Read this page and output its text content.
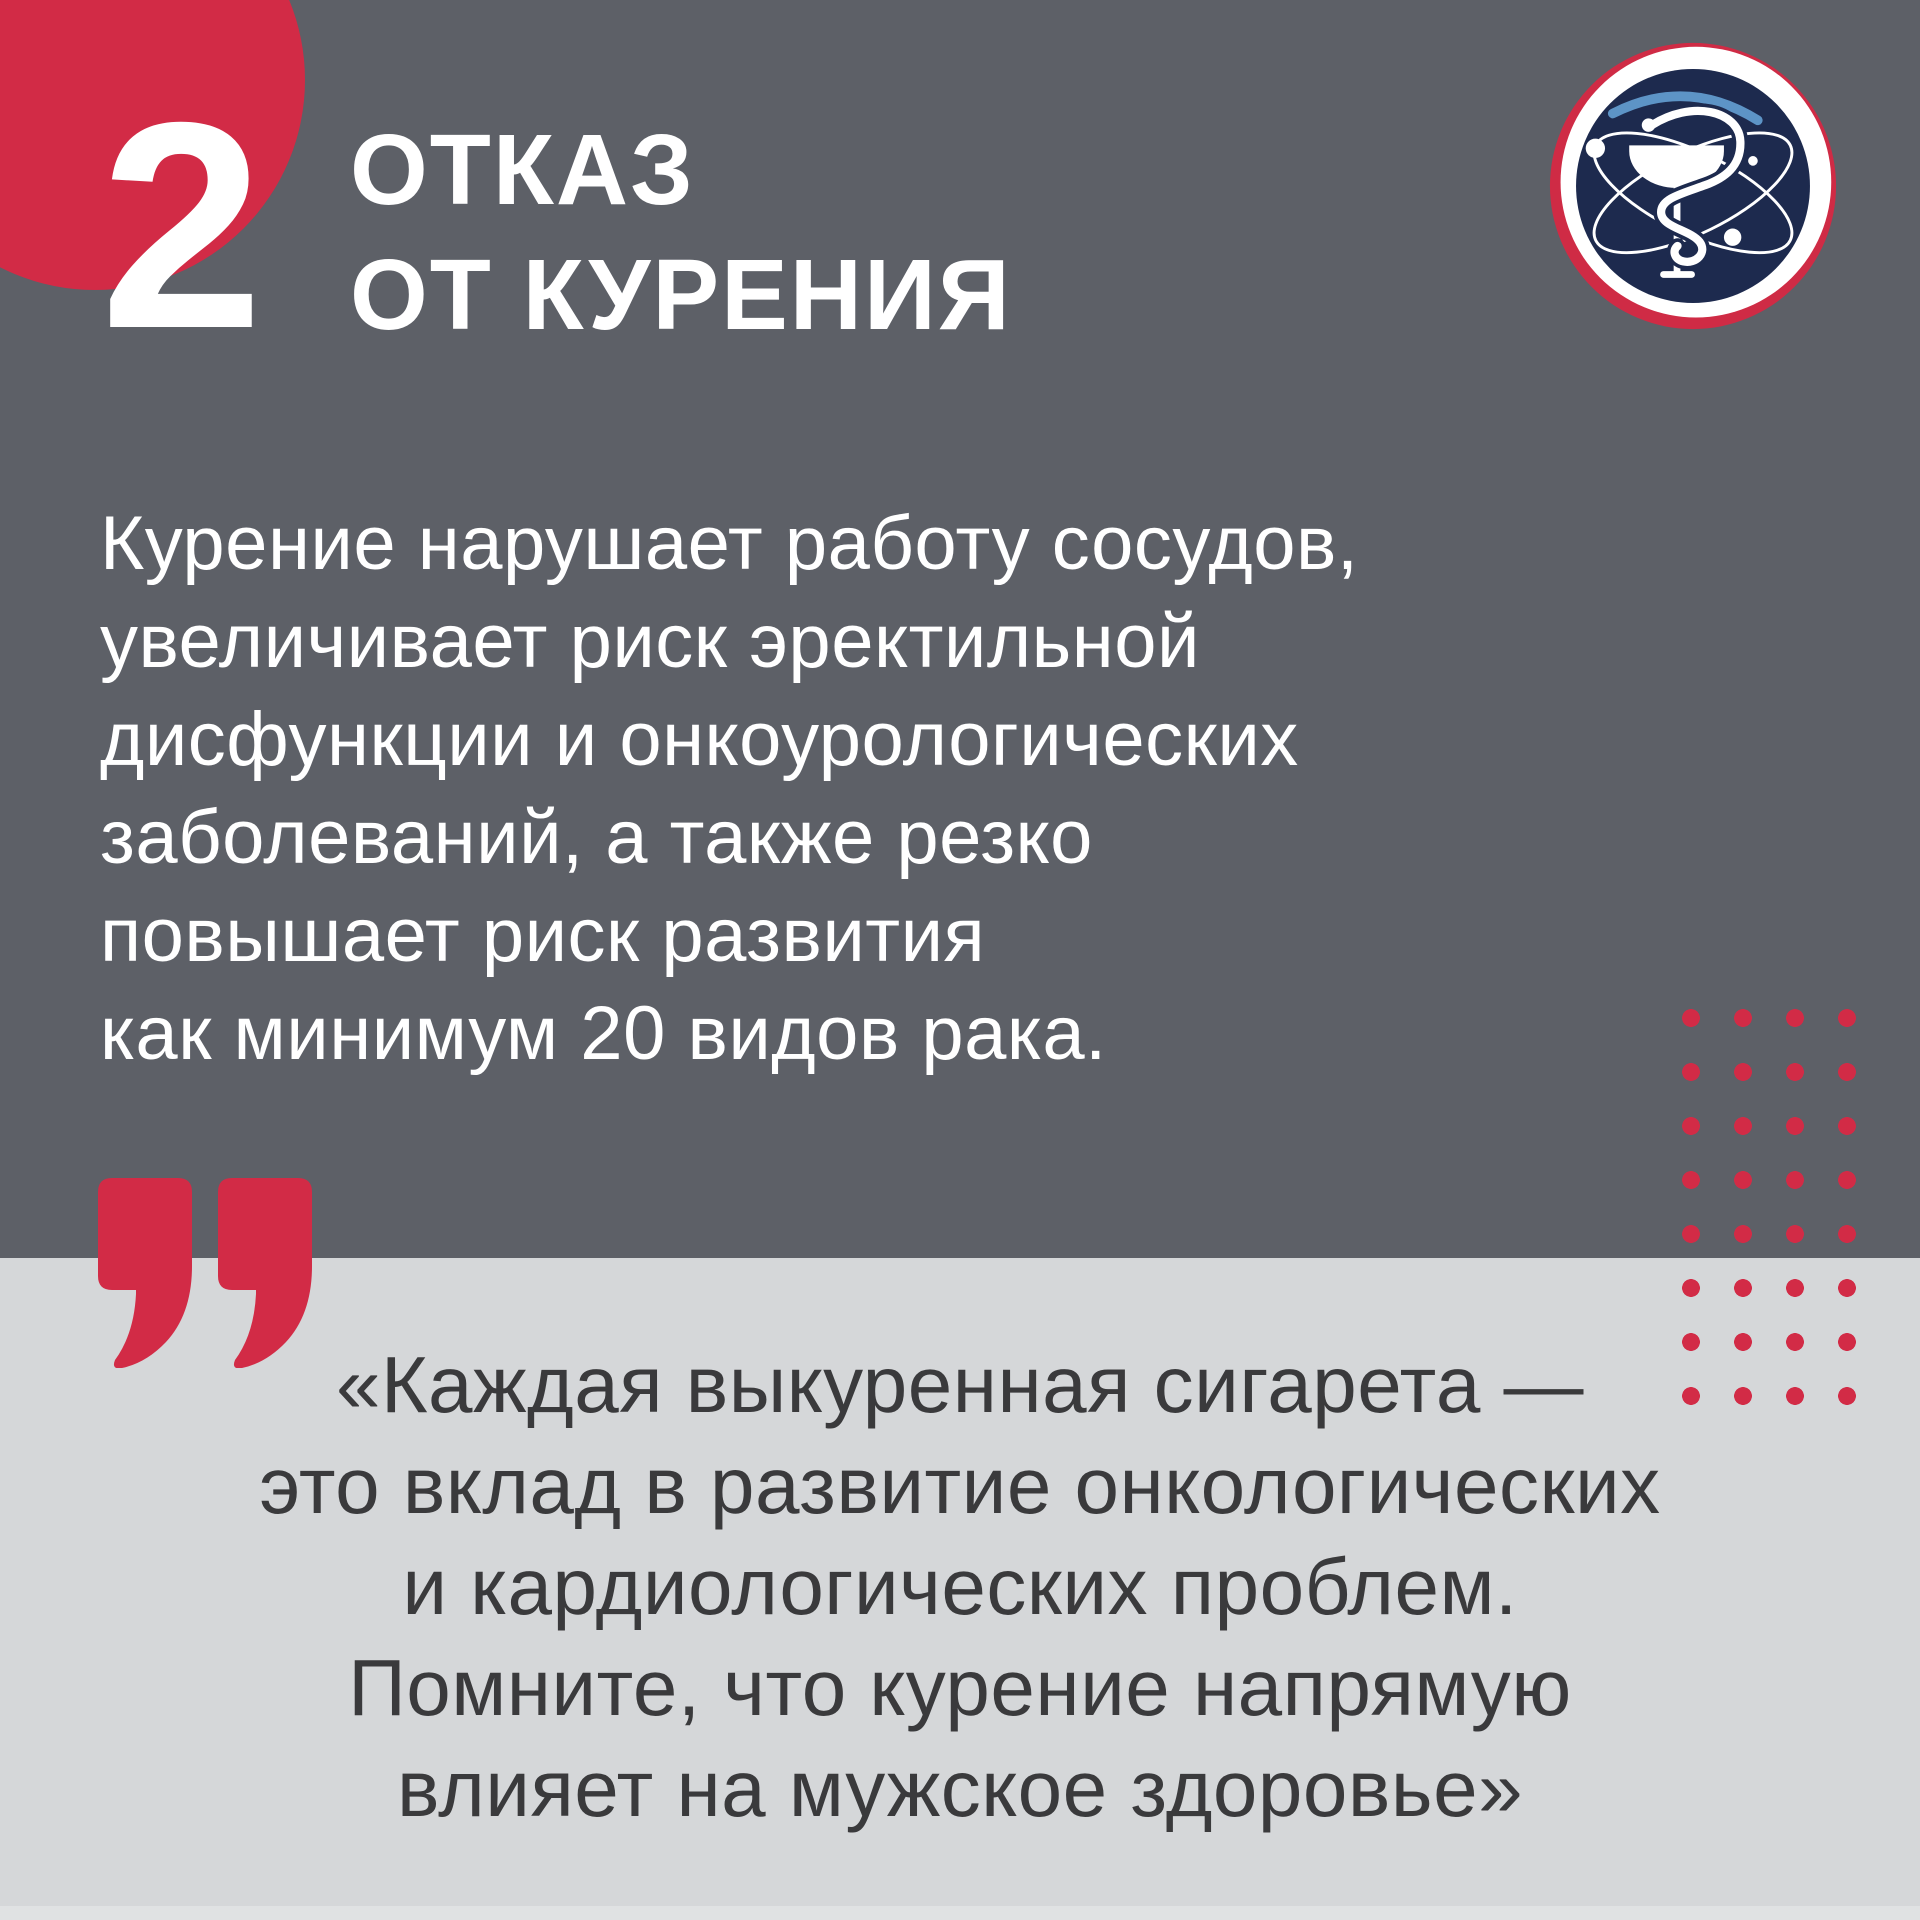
2 ОТКАЗ
ОТ КУРЕНИЯ
Курение нарушает работу сосудов,
увеличивает риск эректильной
дисфункции и онкоурологических
заболеваний, а также резко
повышает риск развития
как минимум 20 видов рака.
«Каждая выкуренная сигарета —
это вклад в развитие онкологических
и кардиологических проблем.
Помните, что курение напрямую
влияет на мужское здоровье»
